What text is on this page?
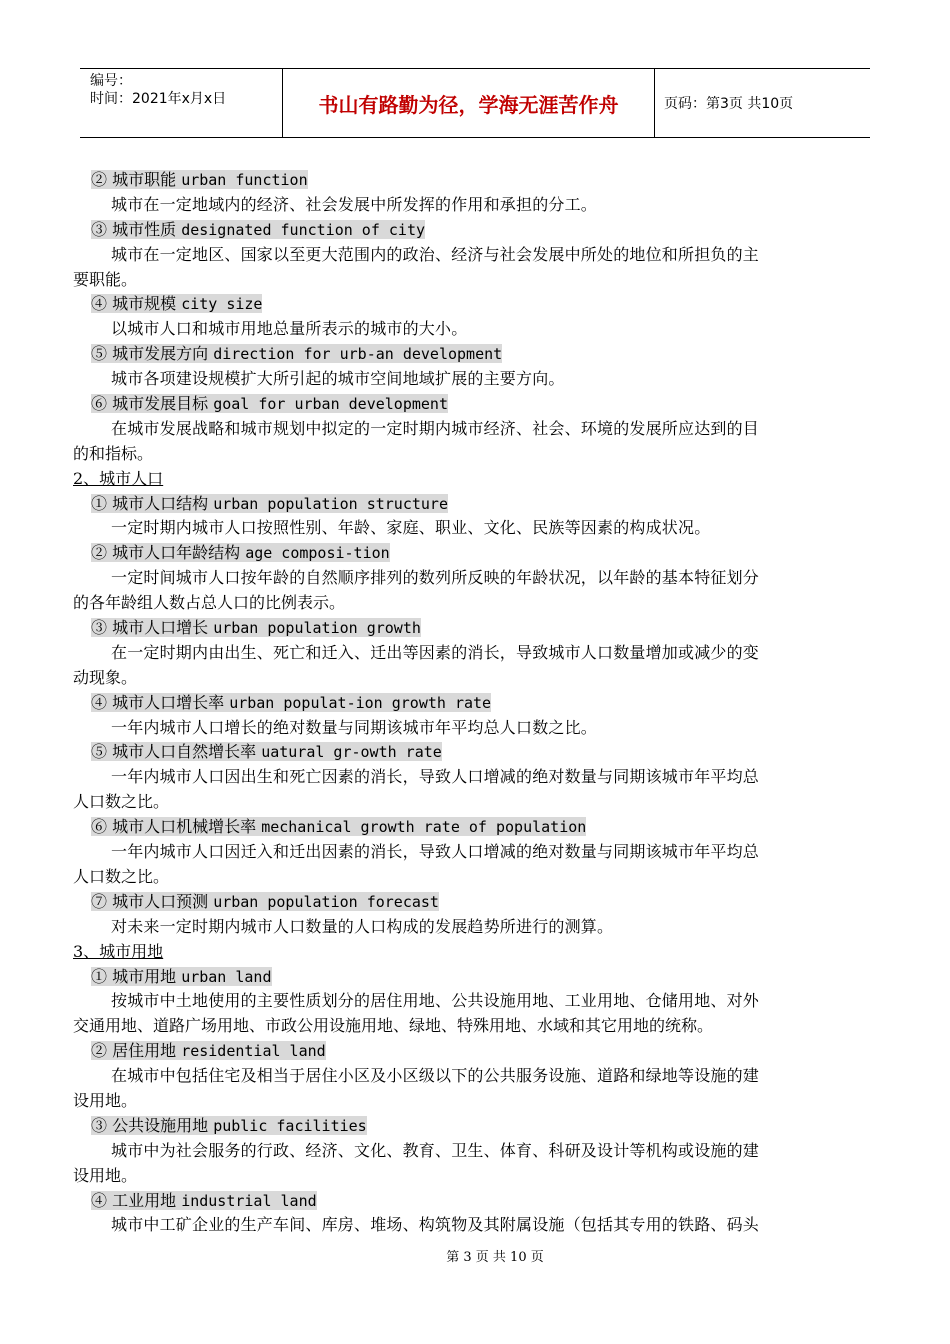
编号：
时间：2021年x月x日	书山有路勤为径，学海无涯苦作舟	页码：第3页 共10页
② 城市职能 urban function
城市在一定地域内的经济、社会发展中所发挥的作用和承担的分工。
③ 城市性质 designated function of city
城市在一定地区、国家以至更大范围内的政治、经济与社会发展中所处的地位和所担负的主
要职能。
④ 城市规模 city size
以城市人口和城市用地总量所表示的城市的大小。
⑤ 城市发展方向 direction for urb-an development
城市各项建设规模扩大所引起的城市空间地域扩展的主要方向。
⑥ 城市发展目标 goal for urban development
在城市发展战略和城市规划中拟定的一定时期内城市经济、社会、环境的发展所应达到的目
的和指标。
2、城市人口
① 城市人口结构 urban population structure
一定时期内城市人口按照性别、年龄、家庭、职业、文化、民族等因素的构成状况。
② 城市人口年龄结构 age composi-tion
一定时间城市人口按年龄的自然顺序排列的数列所反映的年龄状况，以年龄的基本特征划分
的各年龄组人数占总人口的比例表示。
③ 城市人口增长 urban population growth
在一定时期内由出生、死亡和迁入、迁出等因素的消长，导致城市人口数量增加或减少的变
动现象。
④ 城市人口增长率 urban populat-ion growth rate
一年内城市人口增长的绝对数量与同期该城市年平均总人口数之比。
⑤ 城市人口自然增长率 uatural gr-owth rate
一年内城市人口因出生和死亡因素的消长，导致人口增减的绝对数量与同期该城市年平均总
人口数之比。
⑥ 城市人口机械增长率 mechanical growth rate of population
一年内城市人口因迁入和迁出因素的消长，导致人口增减的绝对数量与同期该城市年平均总
人口数之比。
⑦ 城市人口预测 urban population forecast
对未来一定时期内城市人口数量的人口构成的发展趋势所进行的测算。
3、城市用地
① 城市用地 urban land
按城市中土地使用的主要性质划分的居住用地、公共设施用地、工业用地、仓储用地、对外
交通用地、道路广场用地、市政公用设施用地、绿地、特殊用地、水域和其它用地的统称。
② 居住用地 residential land
在城市中包括住宅及相当于居住小区及小区级以下的公共服务设施、道路和绿地等设施的建
设用地。
③ 公共设施用地 public facilities
城市中为社会服务的行政、经济、文化、教育、卫生、体育、科研及设计等机构或设施的建
设用地。
④ 工业用地 industrial land
城市中工矿企业的生产车间、库房、堆场、构筑物及其附属设施（包括其专用的铁路、码头
第 3 页 共 10 页
